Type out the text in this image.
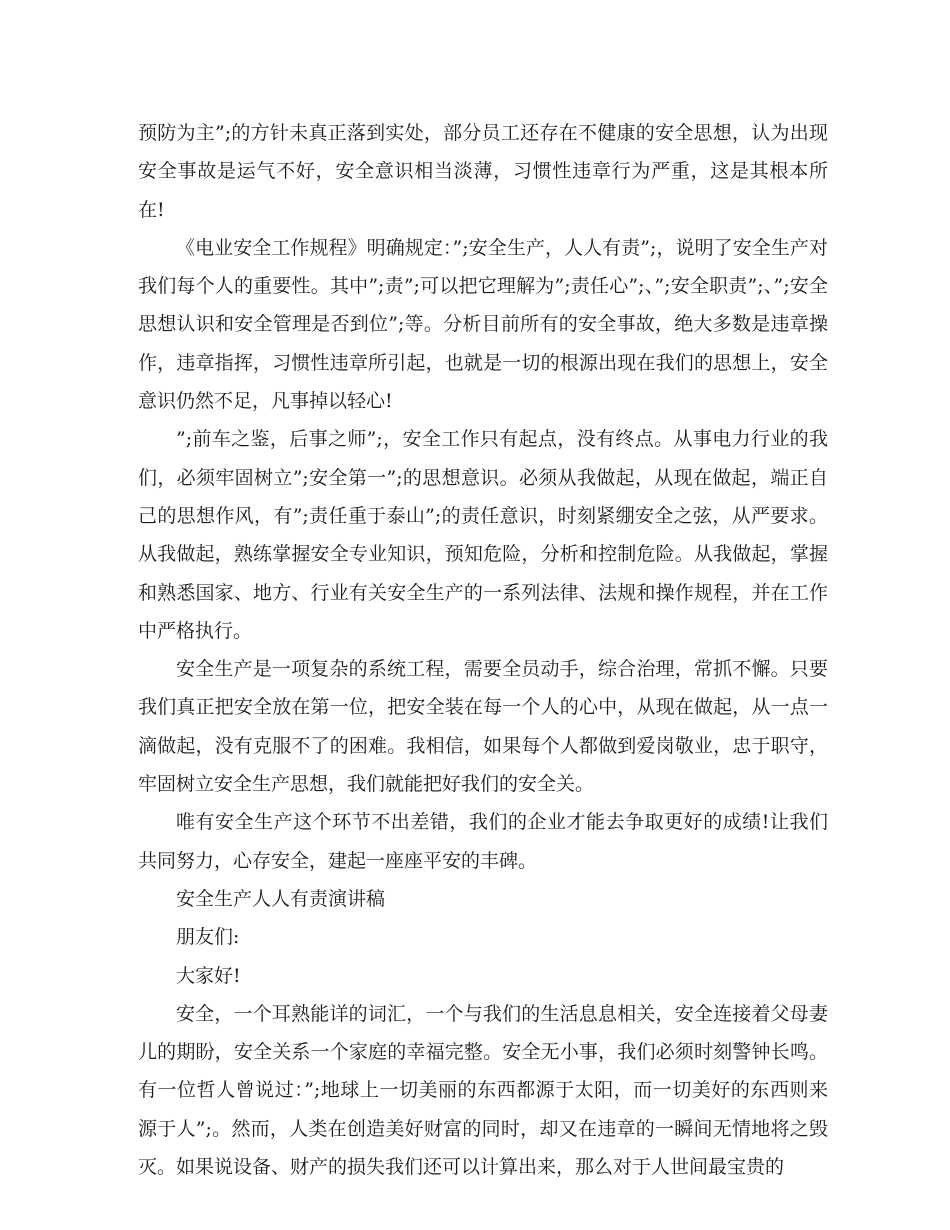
预防为主”;的方针未真正落到实处，部分员工还存在不健康的安全思想，认为出现安全事故是运气不好，安全意识相当淡薄，习惯性违章行为严重，这是其根本所在!

《电业安全工作规程》明确规定：”;安全生产，人人有责”;，说明了安全生产对我们每个人的重要性。其中”;责”;可以把它理解为”;责任心”;、”;安全职责”;、”;安全思想认识和安全管理是否到位”;等。分析目前所有的安全事故，绝大多数是违章操作，违章指挥，习惯性违章所引起，也就是一切的根源出现在我们的思想上，安全意识仍然不足，凡事掉以轻心!

”;前车之鉴，后事之师”;，安全工作只有起点，没有终点。从事电力行业的我们，必须牢固树立”;安全第一”;的思想意识。必须从我做起，从现在做起，端正自己的思想作风，有”;责任重于泰山”;的责任意识，时刻紧绷安全之弦，从严要求。从我做起，熟练掌握安全专业知识，预知危险，分析和控制危险。从我做起，掌握和熟悉国家、地方、行业有关安全生产的一系列法律、法规和操作规程，并在工作中严格执行。

安全生产是一项复杂的系统工程，需要全员动手，综合治理，常抓不懈。只要我们真正把安全放在第一位，把安全装在每一个人的心中，从现在做起，从一点一滴做起，没有克服不了的困难。我相信，如果每个人都做到爱岗敬业，忠于职守，牢固树立安全生产思想，我们就能把好我们的安全关。

唯有安全生产这个环节不出差错，我们的企业才能去争取更好的成绩!让我们共同努力，心存安全，建起一座座平安的丰碑。

安全生产人人有责演讲稿

朋友们:

大家好!

安全，一个耳熟能详的词汇，一个与我们的生活息息相关，安全连接着父母妻儿的期盼，安全关系一个家庭的幸福完整。安全无小事，我们必须时刻警钟长鸣。有一位哲人曾说过：”;地球上一切美丽的东西都源于太阳，而一切美好的东西则来源于人”;。然而，人类在创造美好财富的同时，却又在违章的一瞬间无情地将之毁灭。如果说设备、财产的损失我们还可以计算出来，那么对于人世间最宝贵的
